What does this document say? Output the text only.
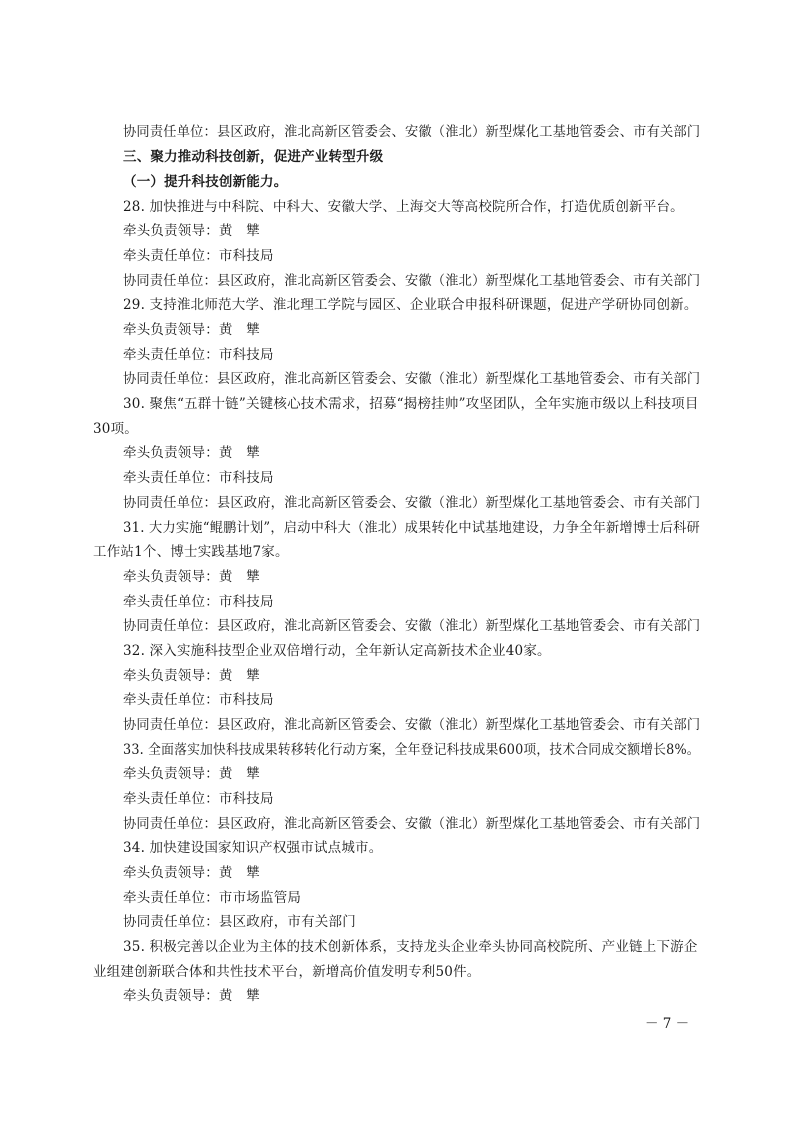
协同责任单位：县区政府，淮北高新区管委会、安徽（淮北）新型煤化工基地管委会、市有关部门
三、聚力推动科技创新，促进产业转型升级
（一）提升科技创新能力。
28. 加快推进与中科院、中科大、安徽大学、上海交大等高校院所合作，打造优质创新平台。
牵头负责领导：黄　犨
牵头责任单位：市科技局
协同责任单位：县区政府，淮北高新区管委会、安徽（淮北）新型煤化工基地管委会、市有关部门
29. 支持淮北师范大学、淮北理工学院与园区、企业联合申报科研课题，促进产学研协同创新。
牵头负责领导：黄　犨
牵头责任单位：市科技局
协同责任单位：县区政府，淮北高新区管委会、安徽（淮北）新型煤化工基地管委会、市有关部门
30. 聚焦“五群十链”关键核心技术需求，招募“揭榜挂帅”攻坚团队，全年实施市级以上科技项目
30项。
牵头负责领导：黄　犨
牵头责任单位：市科技局
协同责任单位：县区政府，淮北高新区管委会、安徽（淮北）新型煤化工基地管委会、市有关部门
31. 大力实施“鲲鹏计划”，启动中科大（淮北）成果转化中试基地建设，力争全年新增博士后科研
工作站1个、博士实践基地7家。
牵头负责领导：黄　犨
牵头责任单位：市科技局
协同责任单位：县区政府，淮北高新区管委会、安徽（淮北）新型煤化工基地管委会、市有关部门
32. 深入实施科技型企业双倍增行动，全年新认定高新技术企业40家。
牵头负责领导：黄　犨
牵头责任单位：市科技局
协同责任单位：县区政府，淮北高新区管委会、安徽（淮北）新型煤化工基地管委会、市有关部门
33. 全面落实加快科技成果转移转化行动方案，全年登记科技成果600项，技术合同成交额增长8%。
牵头负责领导：黄　犨
牵头责任单位：市科技局
协同责任单位：县区政府，淮北高新区管委会、安徽（淮北）新型煤化工基地管委会、市有关部门
34. 加快建设国家知识产权强市试点城市。
牵头负责领导：黄　犨
牵头责任单位：市市场监管局
协同责任单位：县区政府，市有关部门
35. 积极完善以企业为主体的技术创新体系，支持龙头企业牵头协同高校院所、产业链上下游企
业组建创新联合体和共性技术平台，新增高价值发明专利50件。
牵头负责领导：黄　犨
－ 7 －
